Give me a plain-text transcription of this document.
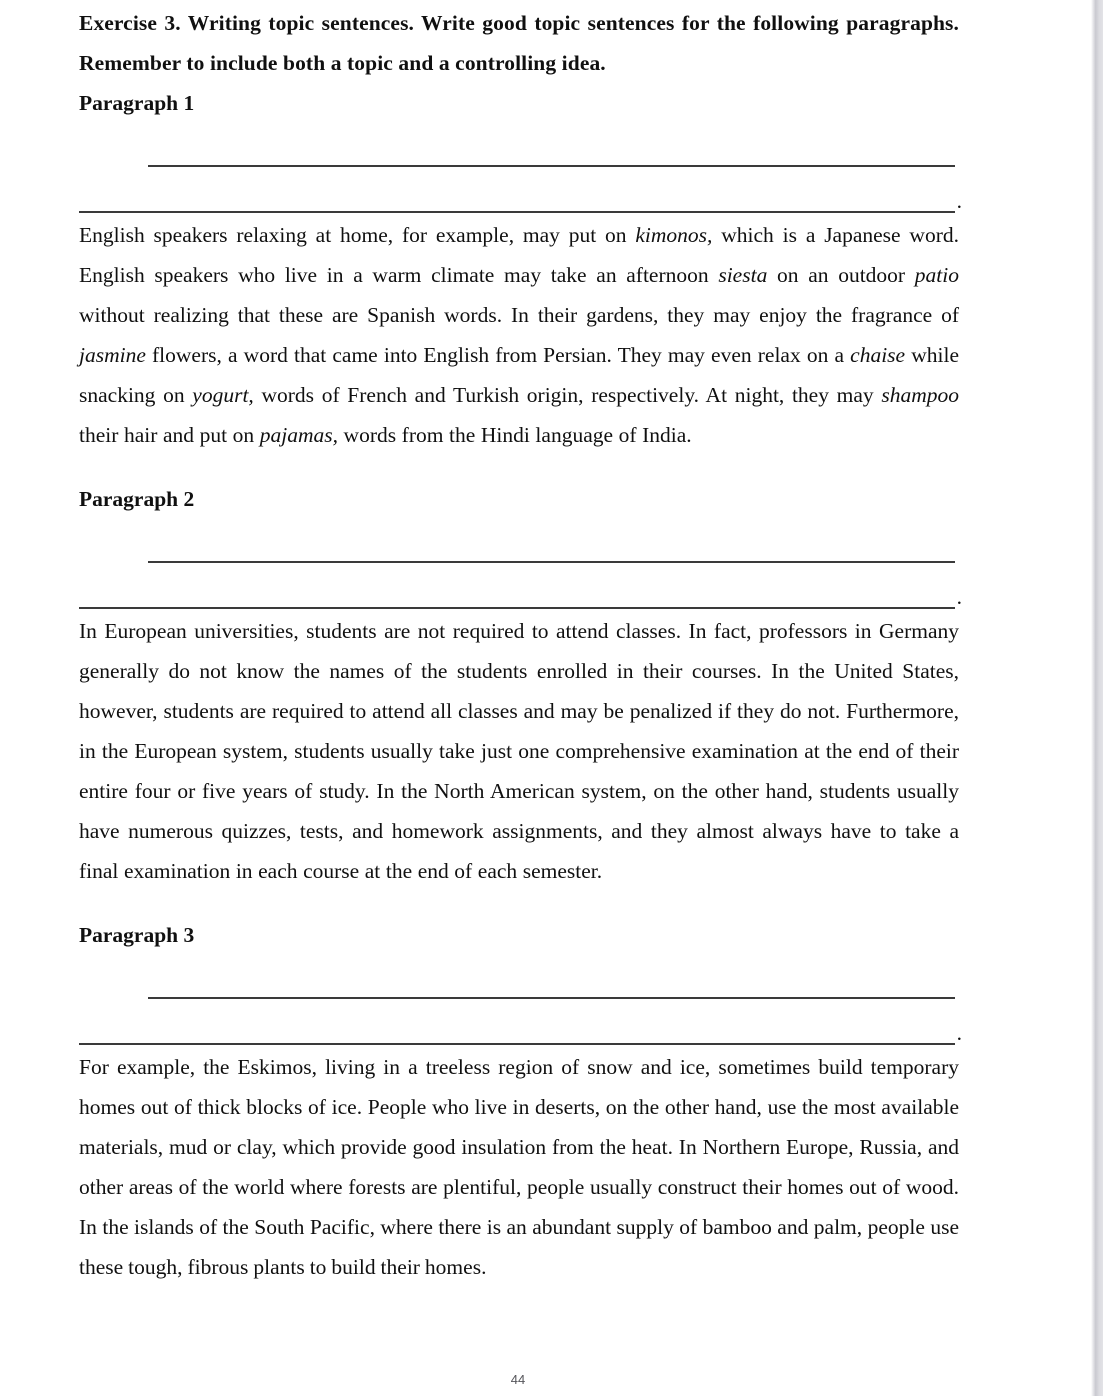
Exercise 3. Writing topic sentences. Write good topic sentences for the following paragraphs. Remember to include both a topic and a controlling idea.

Paragraph 1

.

English speakers relaxing at home, for example, may put on kimonos, which is a Japanese word. English speakers who live in a warm climate may take an afternoon siesta on an outdoor patio without realizing that these are Spanish words. In their gardens, they may enjoy the fragrance of jasmine flowers, a word that came into English from Persian. They may even relax on a chaise while snacking on yogurt, words of French and Turkish origin, respectively. At night, they may shampoo their hair and put on pajamas, words from the Hindi language of India.

Paragraph 2

.

In European universities, students are not required to attend classes. In fact, professors in Germany generally do not know the names of the students enrolled in their courses. In the United States, however, students are required to attend all classes and may be penalized if they do not. Furthermore, in the European system, students usually take just one comprehensive examination at the end of their entire four or five years of study. In the North American system, on the other hand, students usually have numerous quizzes, tests, and homework assignments, and they almost always have to take a final examination in each course at the end of each semester.

Paragraph 3

.

For example, the Eskimos, living in a treeless region of snow and ice, sometimes build temporary homes out of thick blocks of ice. People who live in deserts, on the other hand, use the most available materials, mud or clay, which provide good insulation from the heat. In Northern Europe, Russia, and other areas of the world where forests are plentiful, people usually construct their homes out of wood. In the islands of the South Pacific, where there is an abundant supply of bamboo and palm, people use these tough, fibrous plants to build their homes.

44
